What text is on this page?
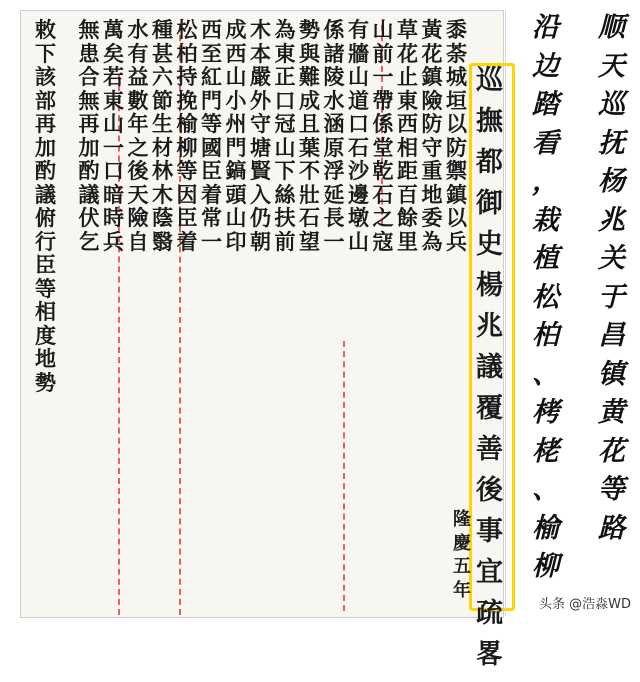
黍
荼
城
垣
以
防
禦
鎮
以
兵
黃
花
鎮
險
防
守
重
地
委
為
草
花
止
東
西
相
距
百
餘
里
山
前
一
帶
係
堂
乾
石
之
寇
有
牆
山
道
口
石
沙
邊
墩
山
係
諸
陵
水
涵
原
浮
延
長
一
勢
與
難
成
且
葉
不
壯
石
望
為
東
正
口
冠
山
下
絲
扶
前
木
本
嚴
外
守
塘
賢
入
仍
朝
成
西
山
小
州
門
鎬
頭
山
印
西
至
紅
門
等
國
臣
着
常
一
松
柏
持
挽
榆
柳
等
因
臣
着
種
甚
六
節
生
材
林
木
蔭
翳
水
有
益
數
年
之
後
天
險
自
萬
矣
若
東
山
一
口
暗
時
兵
無
患
合
無
再
加
酌
議
伏
乞
敕
下
該
部
再
加
酌
議
俯
行
臣
等
相
度
地
勢
巡
撫
都
御
史
楊
兆
議
覆
善
後
事
宜
疏
畧
隆
慶
五
年
顺
天
巡
抚
杨
兆
关
于
昌
镇
黄
花
等
路
沿
边
踏
看
，
栽
植
松
柏
、
栲
栳
、
榆
柳
头条 @浩淼WD
